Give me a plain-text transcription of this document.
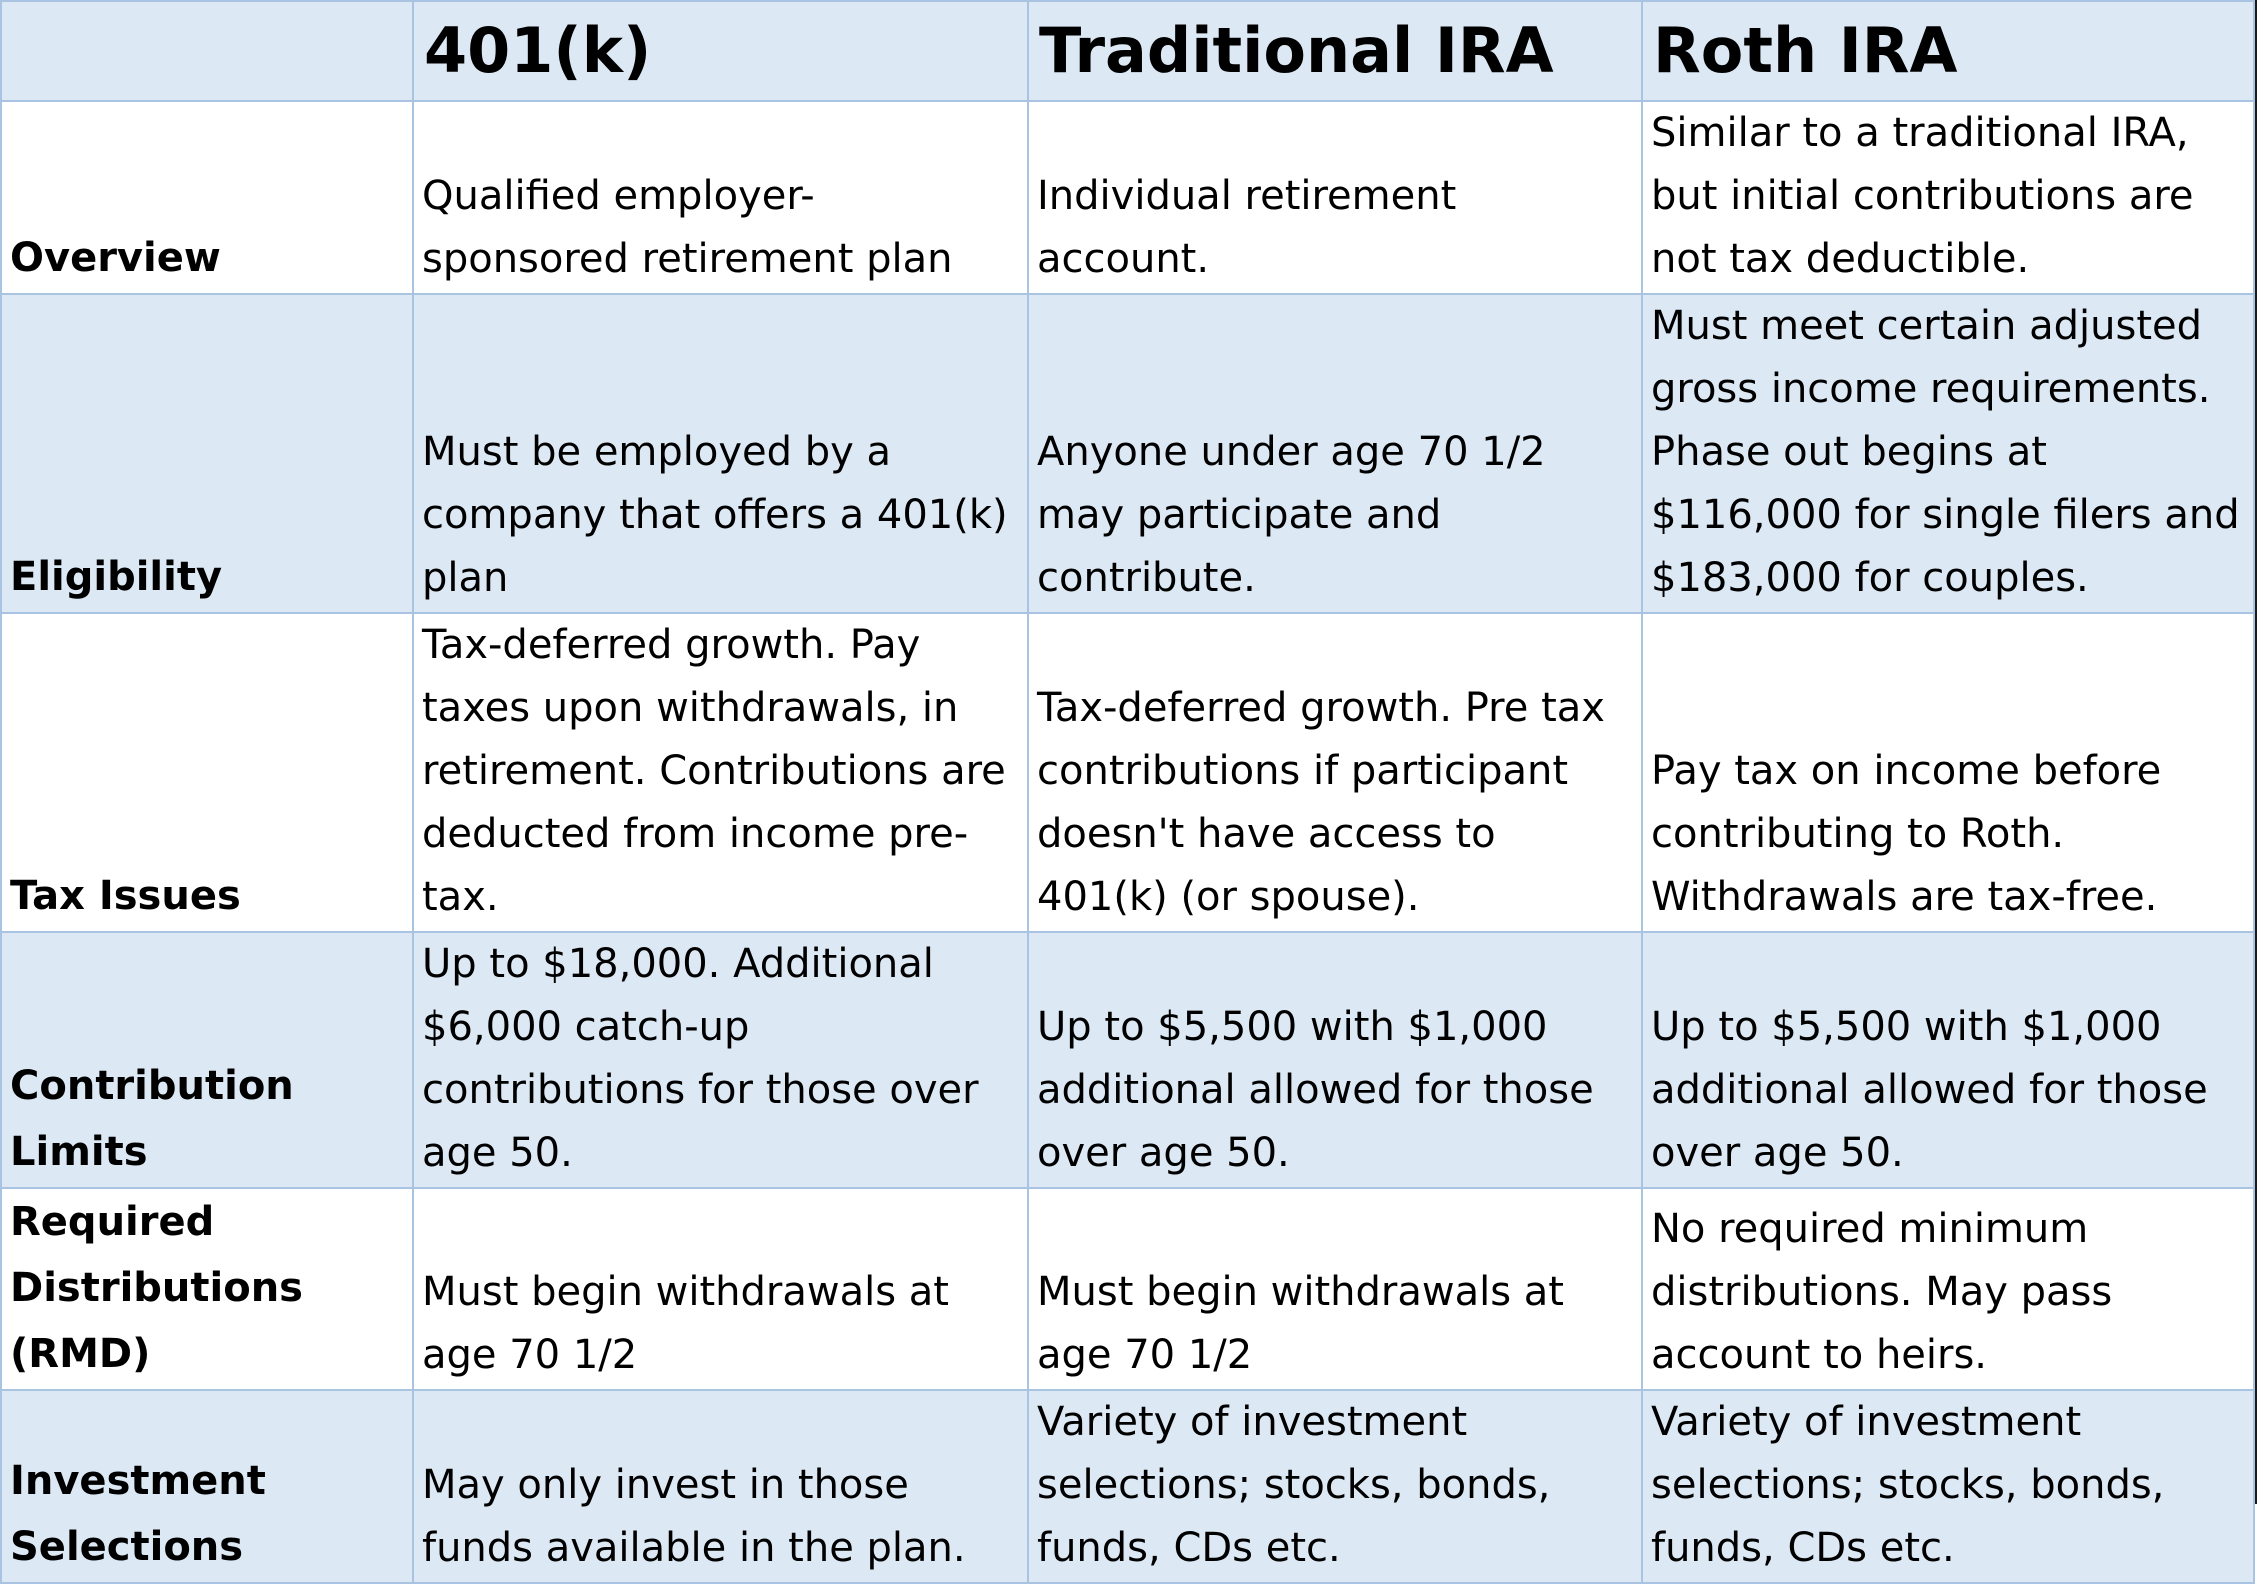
	401(k)	Traditional IRA	Roth IRA
Overview	Qualified employer-sponsored retirement plan	Individual retirement account.	Similar to a traditional IRA, but initial contributions are not tax deductible.
Eligibility	Must be employed by a company that offers a 401(k) plan	Anyone under age 70 1/2 may participate and contribute.	Must meet certain adjusted gross income requirements. Phase out begins at $116,000 for single filers and $183,000 for couples.
Tax Issues	Tax-deferred growth. Pay taxes upon withdrawals, in retirement. Contributions are deducted from income pre-tax.	Tax-deferred growth. Pre tax contributions if participant doesn't have access to 401(k) (or spouse).	Pay tax on income before contributing to Roth. Withdrawals are tax-free.
Contribution Limits	Up to $18,000. Additional $6,000 catch-up contributions for those over age 50.	Up to $5,500 with $1,000 additional allowed for those over age 50.	Up to $5,500 with $1,000 additional allowed for those over age 50.
Required Distributions (RMD)	Must begin withdrawals at age 70 1/2	Must begin withdrawals at age 70 1/2	No required minimum distributions. May pass account to heirs.
Investment Selections	May only invest in those funds available in the plan.	Variety of investment selections; stocks, bonds, funds, CDs etc.	Variety of investment selections; stocks, bonds, funds, CDs etc.
